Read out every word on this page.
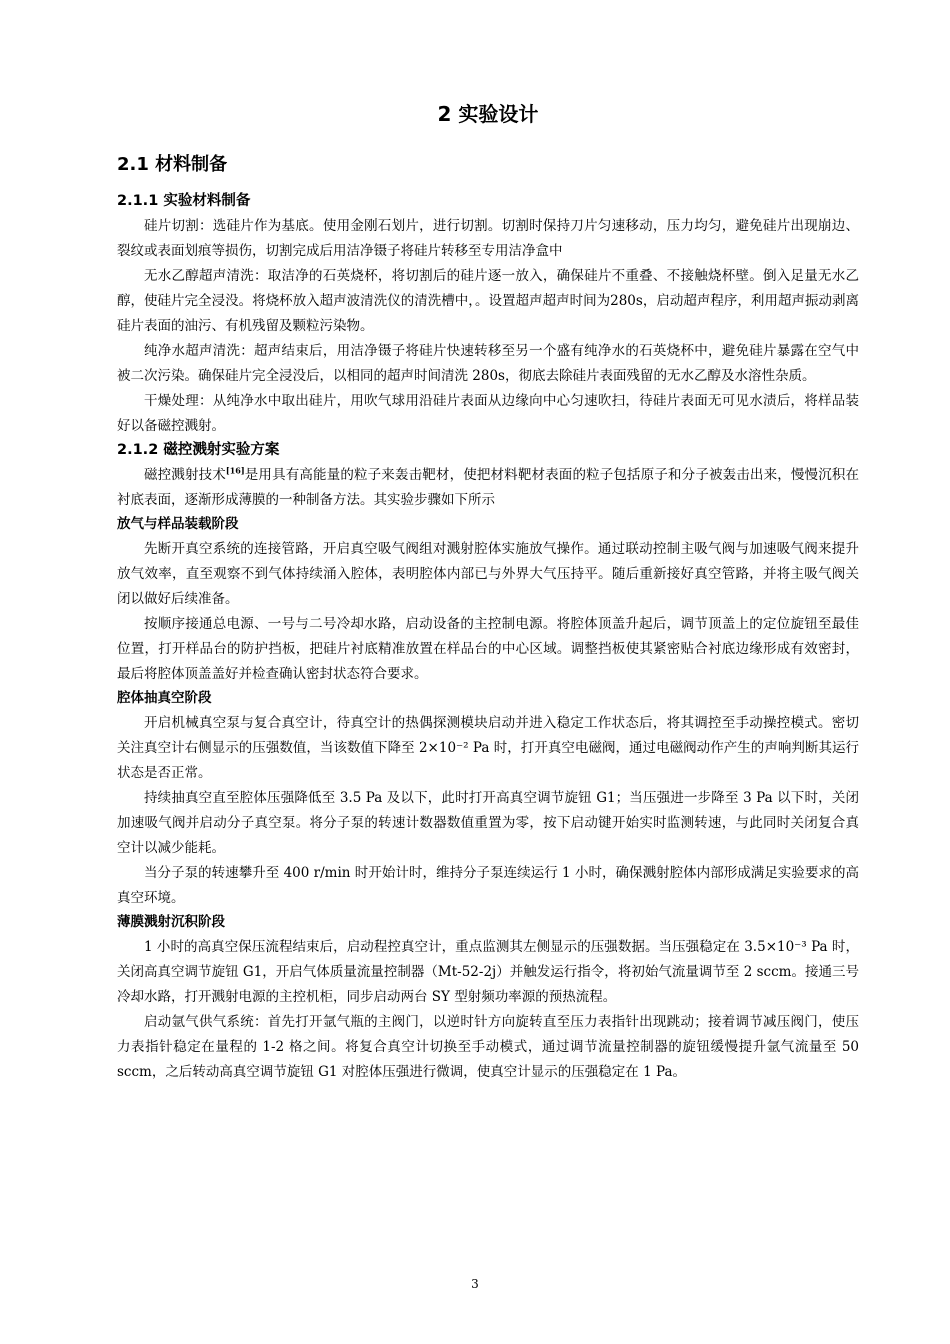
2 实验设计
2.1 材料制备
2.1.1 实验材料制备

硅片切割：选硅片作为基底。使用金刚石划片，进行切割。切割时保持刀片匀速移动，压力均匀，避免硅片出现崩边、裂纹或表面划痕等损伤，切割完成后用洁净镊子将硅片转移至专用洁净盒中

无水乙醇超声清洗：取洁净的石英烧杯，将切割后的硅片逐一放入，确保硅片不重叠、不接触烧杯壁。倒入足量无水乙醇，使硅片完全浸没。将烧杯放入超声波清洗仪的清洗槽中，。设置超声超声时间为280s，启动超声程序，利用超声振动剥离硅片表面的油污、有机残留及颗粒污染物。

纯净水超声清洗：超声结束后，用洁净镊子将硅片快速转移至另一个盛有纯净水的石英烧杯中，避免硅片暴露在空气中被二次污染。确保硅片完全浸没后，以相同的超声时间清洗 280s，彻底去除硅片表面残留的无水乙醇及水溶性杂质。

干燥处理：从纯净水中取出硅片，用吹气球用沿硅片表面从边缘向中心匀速吹扫，待硅片表面无可见水渍后，将样品装好以备磁控溅射。

2.1.2 磁控溅射实验方案

磁控溅射技术[16]是用具有高能量的粒子来轰击靶材，使把材料靶材表面的粒子包括原子和分子被轰击出来，慢慢沉积在衬底表面，逐渐形成薄膜的一种制备方法。其实验步骤如下所示

放气与样品装载阶段

先断开真空系统的连接管路，开启真空吸气阀组对溅射腔体实施放气操作。通过联动控制主吸气阀与加速吸气阀来提升放气效率，直至观察不到气体持续涌入腔体，表明腔体内部已与外界大气压持平。随后重新接好真空管路，并将主吸气阀关闭以做好后续准备。

按顺序接通总电源、一号与二号冷却水路，启动设备的主控制电源。将腔体顶盖升起后，调节顶盖上的定位旋钮至最佳位置，打开样品台的防护挡板，把硅片衬底精准放置在样品台的中心区域。调整挡板使其紧密贴合衬底边缘形成有效密封，最后将腔体顶盖盖好并检查确认密封状态符合要求。

腔体抽真空阶段

开启机械真空泵与复合真空计，待真空计的热偶探测模块启动并进入稳定工作状态后，将其调控至手动操控模式。密切关注真空计右侧显示的压强数值，当该数值下降至 2×10⁻² Pa 时，打开真空电磁阀，通过电磁阀动作产生的声响判断其运行状态是否正常。

持续抽真空直至腔体压强降低至 3.5 Pa 及以下，此时打开高真空调节旋钮 G1；当压强进一步降至 3 Pa 以下时，关闭加速吸气阀并启动分子真空泵。将分子泵的转速计数器数值重置为零，按下启动键开始实时监测转速，与此同时关闭复合真空计以减少能耗。

当分子泵的转速攀升至 400 r/min 时开始计时，维持分子泵连续运行 1 小时，确保溅射腔体内部形成满足实验要求的高真空环境。

薄膜溅射沉积阶段

1 小时的高真空保压流程结束后，启动程控真空计，重点监测其左侧显示的压强数据。当压强稳定在 3.5×10⁻³ Pa 时，关闭高真空调节旋钮 G1，开启气体质量流量控制器（Mt-52-2j）并触发运行指令，将初始气流量调节至 2 sccm。接通三号冷却水路，打开溅射电源的主控机柜，同步启动两台 SY 型射频功率源的预热流程。

启动氩气供气系统：首先打开氩气瓶的主阀门，以逆时针方向旋转直至压力表指针出现跳动；接着调节减压阀门，使压力表指针稳定在量程的 1-2 格之间。将复合真空计切换至手动模式，通过调节流量控制器的旋钮缓慢提升氩气流量至 50 sccm，之后转动高真空调节旋钮 G1 对腔体压强进行微调，使真空计显示的压强稳定在 1 Pa。

3
